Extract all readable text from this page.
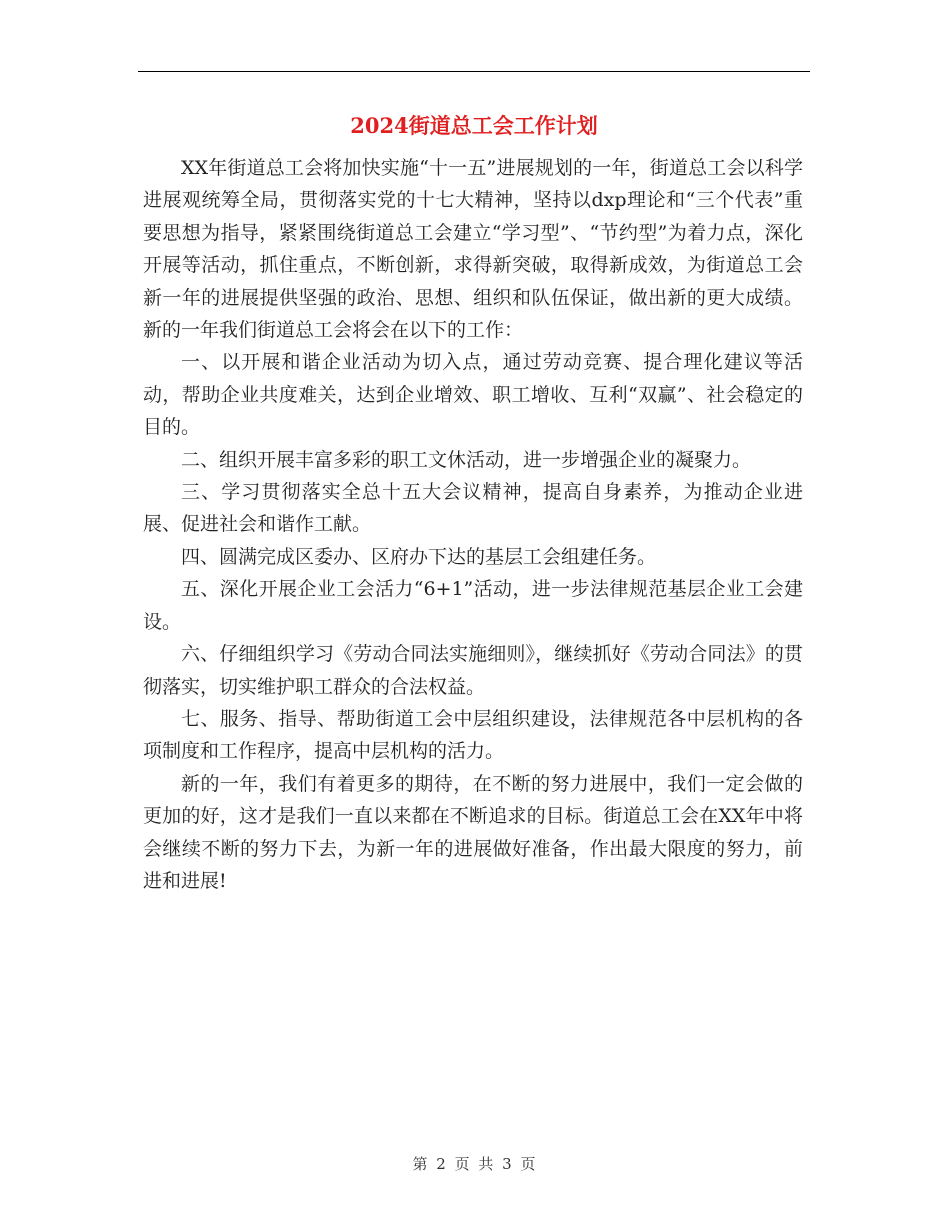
2024街道总工会工作计划

XX年街道总工会将加快实施“十一五”进展规划的一年，街道总工会以科学进展观统筹全局，贯彻落实党的十七大精神，坚持以dxp理论和“三个代表”重要思想为指导，紧紧围绕街道总工会建立“学习型”、“节约型”为着力点，深化开展等活动，抓住重点，不断创新，求得新突破，取得新成效，为街道总工会新一年的进展提供坚强的政治、思想、组织和队伍保证，做出新的更大成绩。新的一年我们街道总工会将会在以下的工作：

一、以开展和谐企业活动为切入点，通过劳动竞赛、提合理化建议等活动，帮助企业共度难关，达到企业增效、职工增收、互利“双赢”、社会稳定的目的。

二、组织开展丰富多彩的职工文休活动，进一步增强企业的凝聚力。

三、学习贯彻落实全总十五大会议精神，提高自身素养，为推动企业进展、促进社会和谐作工献。

四、圆满完成区委办、区府办下达的基层工会组建任务。

五、深化开展企业工会活力“6+1”活动，进一步法律规范基层企业工会建设。

六、仔细组织学习《劳动合同法实施细则》，继续抓好《劳动合同法》的贯彻落实，切实维护职工群众的合法权益。

七、服务、指导、帮助街道工会中层组织建设，法律规范各中层机构的各项制度和工作程序，提高中层机构的活力。

新的一年，我们有着更多的期待，在不断的努力进展中，我们一定会做的更加的好，这才是我们一直以来都在不断追求的目标。街道总工会在XX年中将会继续不断的努力下去，为新一年的进展做好准备，作出最大限度的努力，前进和进展!

第 2 页 共 3 页
